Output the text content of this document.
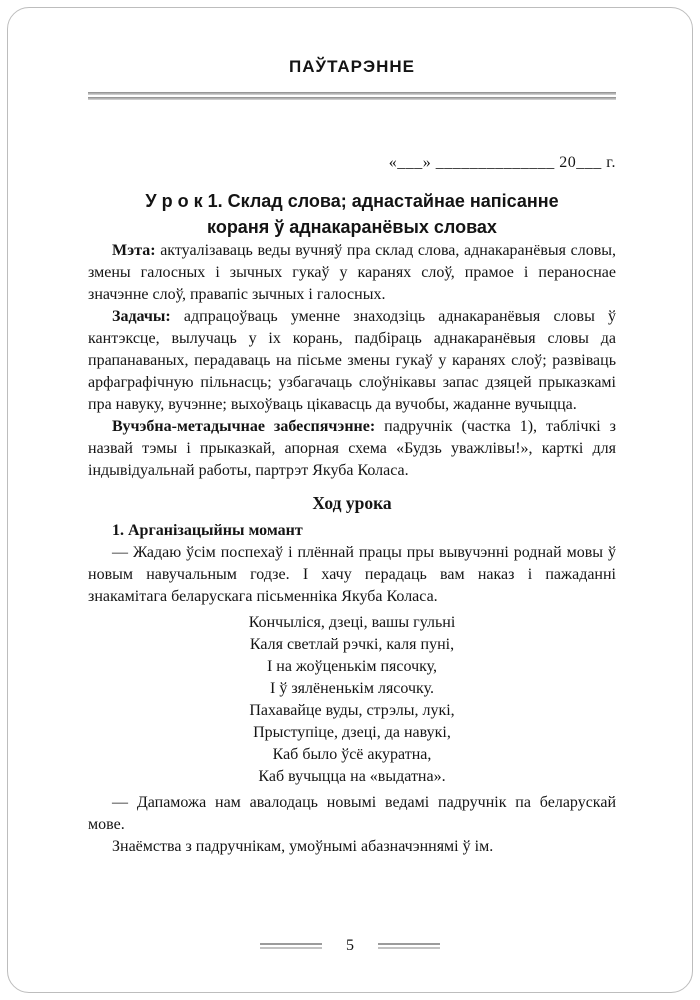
ПАЎТАРЭННЕ
«___» ______________ 20___ г.
У р о к 1. Склад слова; аднастайнае напісанне
кораня ў аднакаранёвых словах

Мэта: актуалізаваць веды вучняў пра склад слова, аднакаранёвыя словы, змены галосных і зычных гукаў у каранях слоў, прамое і пераноснае значэнне слоў, правапіс зычных і галосных.

Задачы: адпрацоўваць уменне знаходзіць аднакаранёвыя словы ў кантэксце, вылучаць у іх корань, падбіраць аднакаранёвыя словы да прапанаваных, перадаваць на пісьме змены гукаў у каранях слоў; развіваць арфаграфічную пільнасць; узбагачаць слоўнікавы запас дзяцей прыказкамі пра навуку, вучэнне; выхоўваць цікавасць да вучобы, жаданне вучыцца.

Вучэбна-метадычнае забеспячэнне: падручнік (частка 1), таблічкі з назвай тэмы і прыказкай, апорная схема «Будзь уважлівы!», карткі для індывідуальнай работы, партрэт Якуба Коласа.

Ход урока
1. Арганізацыйны момант

— Жадаю ўсім поспехаў і плённай працы пры вывучэнні роднай мовы ў новым навучальным годзе. І хачу перадаць вам наказ і пажаданні знакамітага беларускага пісьменніка Якуба Коласа.

Кончыліся, дзеці, вашы гульні
Каля светлай рэчкі, каля пуні,
І на жоўценькім пясочку,
І ў зялёненькім лясочку.
Пахавайце вуды, стрэлы, лукі,
Прыступіце, дзеці, да навукі,
Каб было ўсё акуратна,
Каб вучыцца на «выдатна».

— Дапаможа нам авалодаць новымі ведамі падручнік па беларускай мове.

Знаёмства з падручнікам, умоўнымі абазначэннямі ў ім.

5
